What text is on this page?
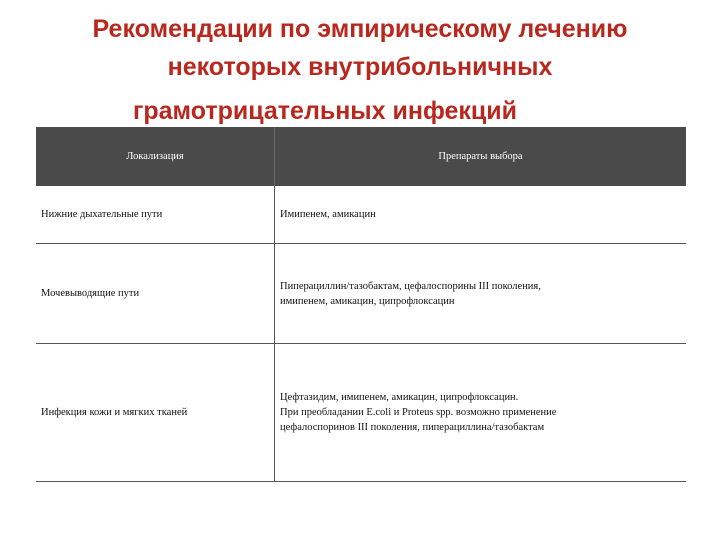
Рекомендации по эмпирическому лечению
некоторых внутрибольничных
грамотрицательных инфекций
Локализация	Препараты выбора
Нижние дыхательные пути	Имипенем, амикацин

Мочевыводящие пути	Пиперациллин/тазобактам, цефалоспорины III поколения,
имипенем, амикацин, ципрофлоксацин

Инфекция кожи и мягких тканей	Цефтазидим, имипенем, амикацин, ципрофлоксацин.
При преобладании E.coli и Proteus spp. возможно применение
цефалоспоринов III поколения, пиперациллина/тазобактам
